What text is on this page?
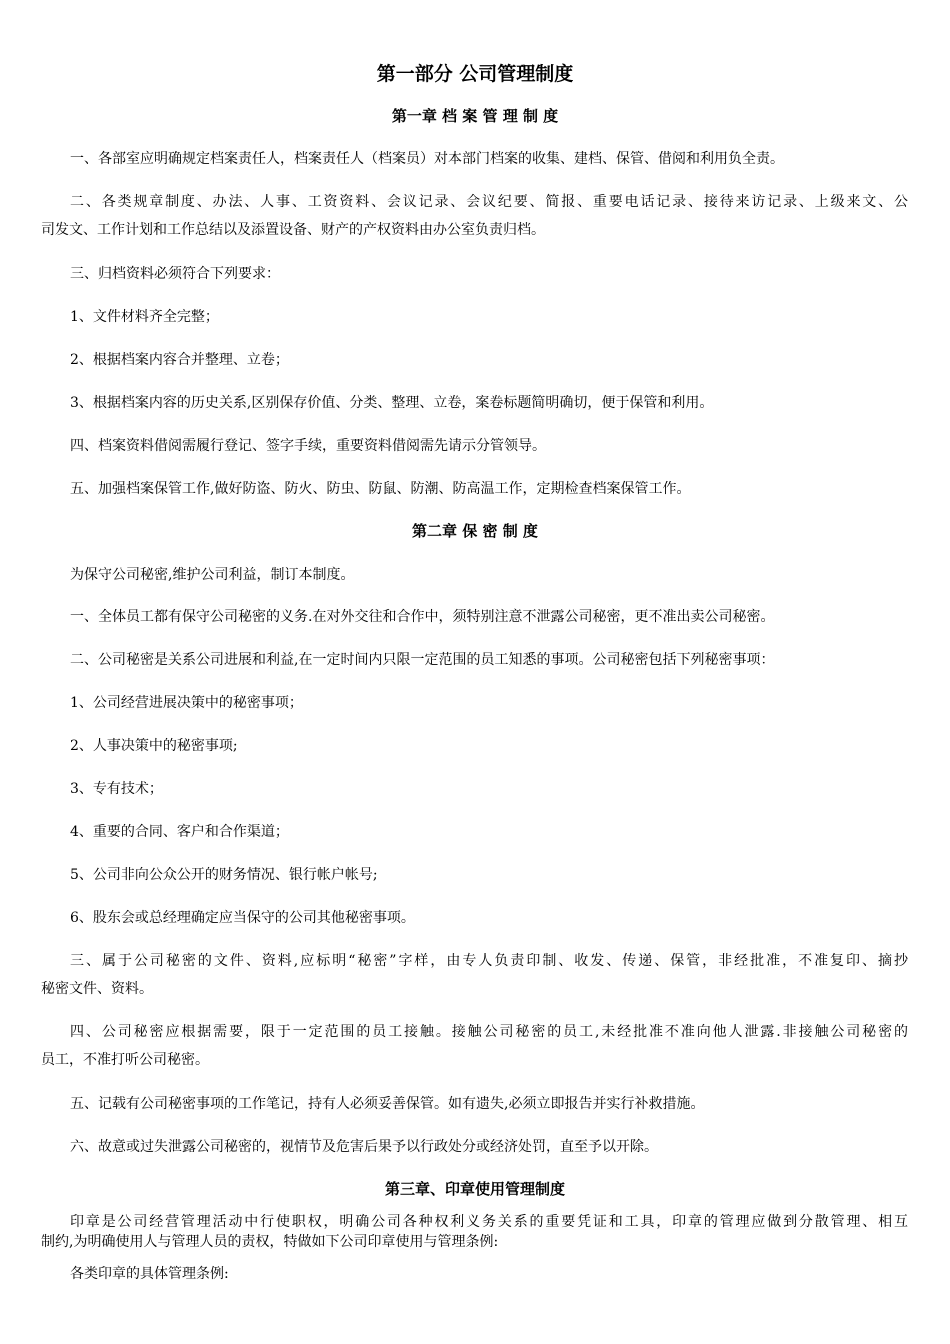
第一部分 公司管理制度
第一章 档 案 管 理 制 度
一、各部室应明确规定档案责任人，档案责任人（档案员）对本部门档案的收集、建档、保管、借阅和利用负全责。
二、各类规章制度、办法、人事、工资资料、会议记录、会议纪要、简报、重要电话记录、接待来访记录、上级来文、公
司发文、工作计划和工作总结以及添置设备、财产的产权资料由办公室负责归档。
三、归档资料必须符合下列要求：
1、文件材料齐全完整；
2、根据档案内容合并整理、立卷；
3、根据档案内容的历史关系,区别保存价值、分类、整理、立卷，案卷标题简明确切，便于保管和利用。
四、档案资料借阅需履行登记、签字手续，重要资料借阅需先请示分管领导。
五、加强档案保管工作,做好防盗、防火、防虫、防鼠、防潮、防高温工作，定期检查档案保管工作。
第二章 保 密 制 度
为保守公司秘密,维护公司利益，制订本制度。
一、全体员工都有保守公司秘密的义务.在对外交往和合作中，须特别注意不泄露公司秘密，更不准出卖公司秘密。
二、公司秘密是关系公司进展和利益,在一定时间内只限一定范围的员工知悉的事项。公司秘密包括下列秘密事项：
1、公司经营进展决策中的秘密事项；
2、人事决策中的秘密事项;
3、专有技术；
4、重要的合同、客户和合作渠道；
5、公司非向公众公开的财务情况、银行帐户帐号;
6、股东会或总经理确定应当保守的公司其他秘密事项。
三、属于公司秘密的文件、资料,应标明“秘密”字样，由专人负责印制、收发、传递、保管，非经批准，不准复印、摘抄
秘密文件、资料。
四、公司秘密应根据需要，限于一定范围的员工接触。接触公司秘密的员工,未经批准不准向他人泄露.非接触公司秘密的
员工，不准打听公司秘密。
五、记载有公司秘密事项的工作笔记，持有人必须妥善保管。如有遗失,必须立即报告并实行补救措施。
六、故意或过失泄露公司秘密的，视情节及危害后果予以行政处分或经济处罚，直至予以开除。
第三章、印章使用管理制度
印章是公司经营管理活动中行使职权，明确公司各种权利义务关系的重要凭证和工具，印章的管理应做到分散管理、相互
制约,为明确使用人与管理人员的责权，特做如下公司印章使用与管理条例:
各类印章的具体管理条例:
